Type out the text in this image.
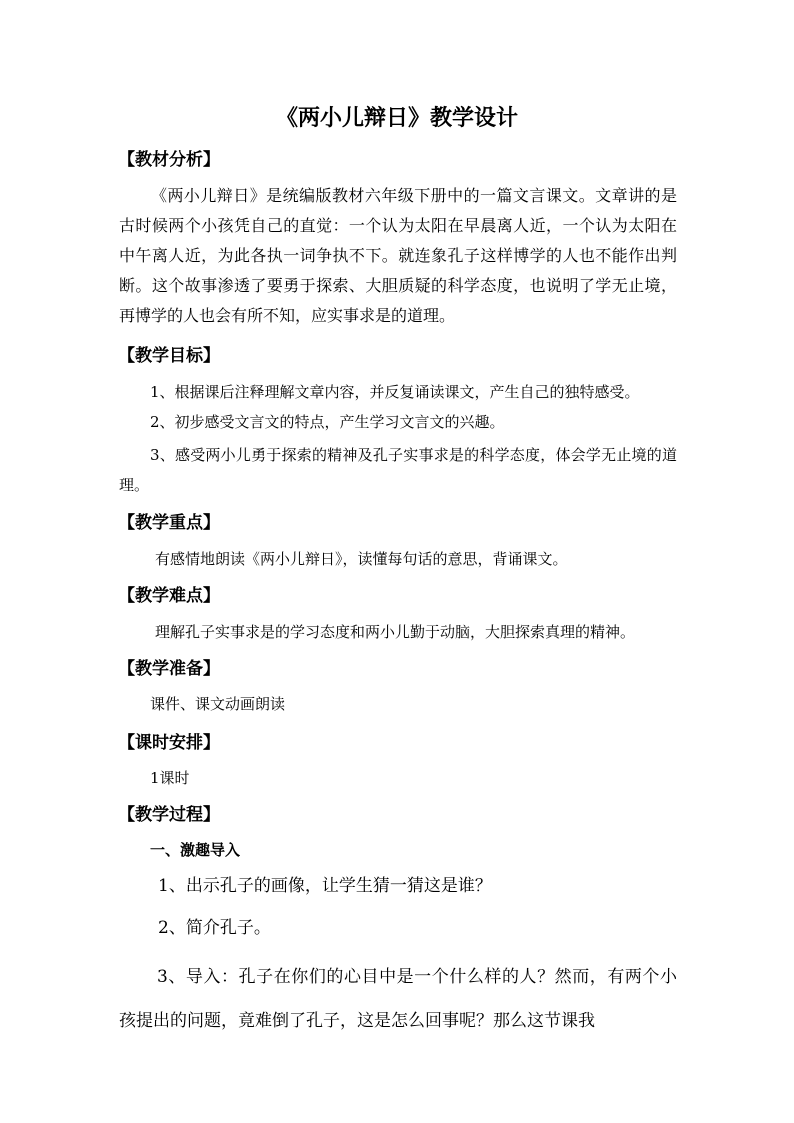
《两小儿辩日》教学设计
【教材分析】
《两小儿辩日》是统编版教材六年级下册中的一篇文言课文。文章讲的是古时候两个小孩凭自己的直觉：一个认为太阳在早晨离人近，一个认为太阳在中午离人近，为此各执一词争执不下。就连象孔子这样博学的人也不能作出判断。这个故事渗透了要勇于探索、大胆质疑的科学态度，也说明了学无止境，再博学的人也会有所不知，应实事求是的道理。
【教学目标】
1、根据课后注释理解文章内容，并反复诵读课文，产生自己的独特感受。
2、初步感受文言文的特点，产生学习文言文的兴趣。
3、感受两小儿勇于探索的精神及孔子实事求是的科学态度，体会学无止境的道理。
【教学重点】
有感情地朗读《两小儿辩日》，读懂每句话的意思，背诵课文。
【教学难点】
理解孔子实事求是的学习态度和两小儿勤于动脑，大胆探索真理的精神。
【教学准备】
课件、课文动画朗读
【课时安排】
1课时
【教学过程】
一、激趣导入
1、出示孔子的画像，让学生猜一猜这是谁？
2、简介孔子。
3、导入：孔子在你们的心目中是一个什么样的人？然而，有两个小孩提出的问题，竟难倒了孔子，这是怎么回事呢？那么这节课我
